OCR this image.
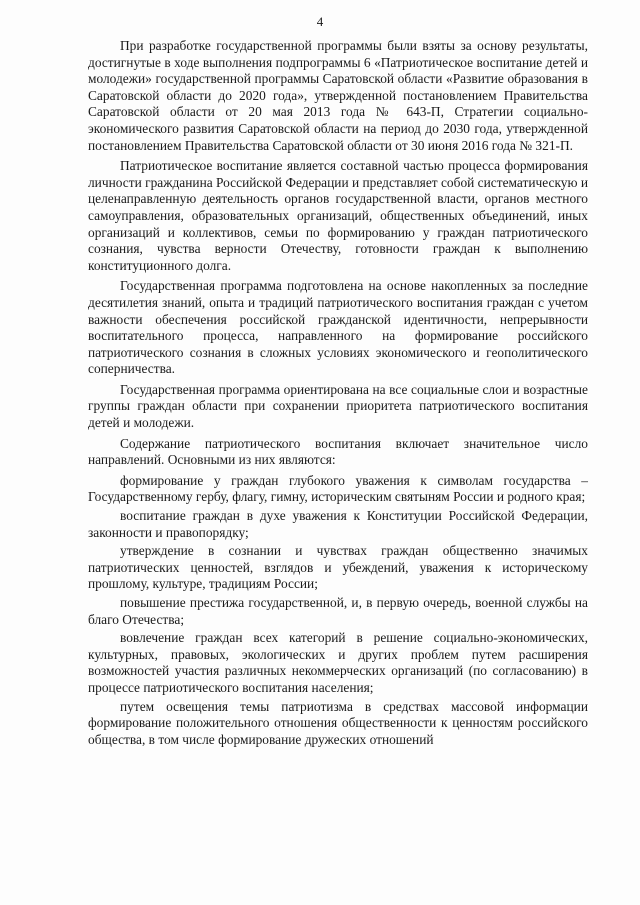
4

При разработке государственной программы были взяты за основу результаты, достигнутые в ходе выполнения подпрограммы 6 «Патриотическое воспитание детей и молодежи» государственной программы Саратовской области «Развитие образования в Саратовской области до 2020 года», утвержденной постановлением Правительства Саратовской области от 20 мая 2013 года № 643-П, Стратегии социально-экономического развития Саратовской области на период до 2030 года, утвержденной постановлением Правительства Саратовской области от 30 июня 2016 года № 321-П.

Патриотическое воспитание является составной частью процесса формирования личности гражданина Российской Федерации и представляет собой систематическую и целенаправленную деятельность органов государственной власти, органов местного самоуправления, образовательных организаций, общественных объединений, иных организаций и коллективов, семьи по формированию у граждан патриотического сознания, чувства верности Отечеству, готовности граждан к выполнению конституционного долга.

Государственная программа подготовлена на основе накопленных за последние десятилетия знаний, опыта и традиций патриотического воспитания граждан с учетом важности обеспечения российской гражданской идентичности, непрерывности воспитательного процесса, направленного на формирование российского патриотического сознания в сложных условиях экономического и геополитического соперничества.

Государственная программа ориентирована на все социальные слои и возрастные группы граждан области при сохранении приоритета патриотического воспитания детей и молодежи.

Содержание патриотического воспитания включает значительное число направлений. Основными из них являются:

формирование у граждан глубокого уважения к символам государства – Государственному гербу, флагу, гимну, историческим святыням России и родного края;

воспитание граждан в духе уважения к Конституции Российской Федерации, законности и правопорядку;

утверждение в сознании и чувствах граждан общественно значимых патриотических ценностей, взглядов и убеждений, уважения к историческому прошлому, культуре, традициям России;

повышение престижа государственной, и, в первую очередь, военной службы на благо Отечества;

вовлечение граждан всех категорий в решение социально-экономических, культурных, правовых, экологических и других проблем путем расширения возможностей участия различных некоммерческих организаций (по согласованию) в процессе патриотического воспитания населения;

путем освещения темы патриотизма в средствах массовой информации формирование положительного отношения общественности к ценностям российского общества, в том числе формирование дружеских отношений
